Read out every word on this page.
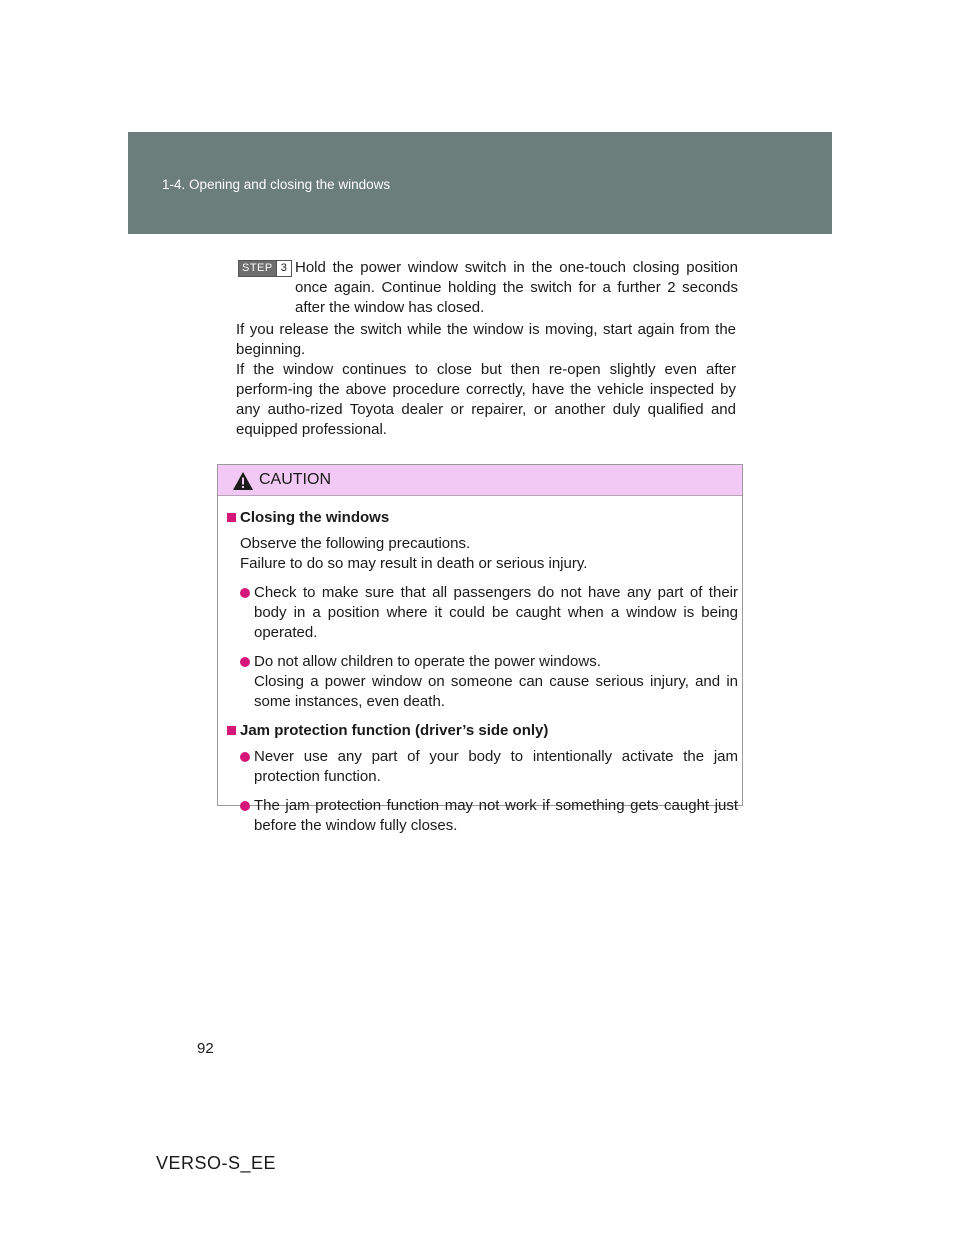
1-4. Opening and closing the windows
STEP 3 Hold the power window switch in the one-touch closing position once again. Continue holding the switch for a further 2 seconds after the window has closed.
If you release the switch while the window is moving, start again from the beginning.
If the window continues to close but then re-open slightly even after perform-ing the above procedure correctly, have the vehicle inspected by any autho-rized Toyota dealer or repairer, or another duly qualified and equipped professional.
CAUTION
Closing the windows
Observe the following precautions.
Failure to do so may result in death or serious injury.
Check to make sure that all passengers do not have any part of their body in a position where it could be caught when a window is being operated.
Do not allow children to operate the power windows.
Closing a power window on someone can cause serious injury, and in some instances, even death.
Jam protection function (driver’s side only)
Never use any part of your body to intentionally activate the jam protection function.
The jam protection function may not work if something gets caught just before the window fully closes.
92
VERSO-S_EE
